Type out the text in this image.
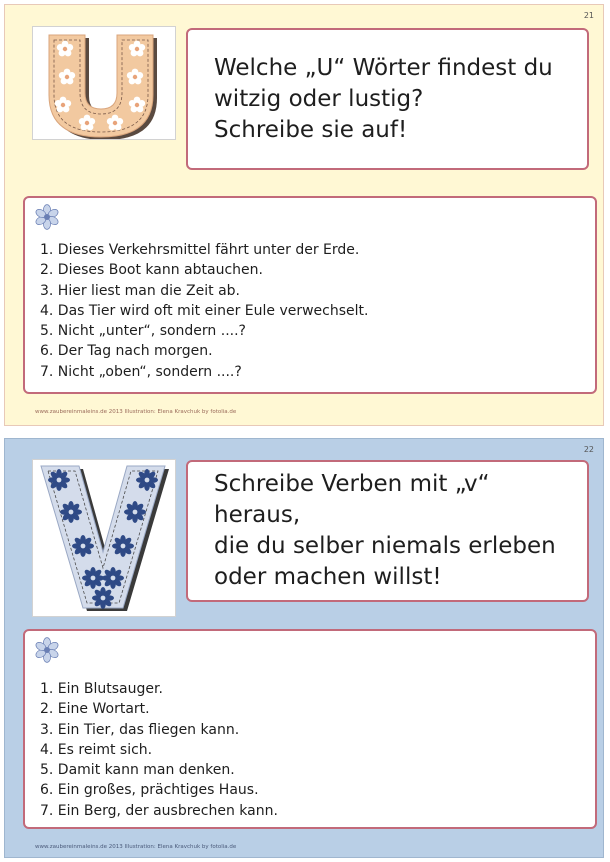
21
Welche „U“ Wörter findest du
witzig oder lustig?
Schreibe sie auf!
1. Dieses Verkehrsmittel fährt unter der Erde.
2. Dieses Boot kann abtauchen.
3. Hier liest man die Zeit ab.
4. Das Tier wird oft mit einer Eule verwechselt.
5. Nicht „unter“, sondern ....?
6. Der Tag nach morgen.
7. Nicht „oben“, sondern ....?
www.zaubereinmaleins.de 2013 Illustration: Elena Kravchuk by fotolia.de
22
Schreibe Verben mit „v“ heraus,
die du selber niemals erleben
oder machen willst!
1. Ein Blutsauger.
2. Eine Wortart.
3. Ein Tier, das fliegen kann.
4. Es reimt sich.
5. Damit kann man denken.
6. Ein großes, prächtiges Haus.
7. Ein Berg, der ausbrechen kann.
www.zaubereinmaleins.de 2013 Illustration: Elena Kravchuk by fotolia.de
